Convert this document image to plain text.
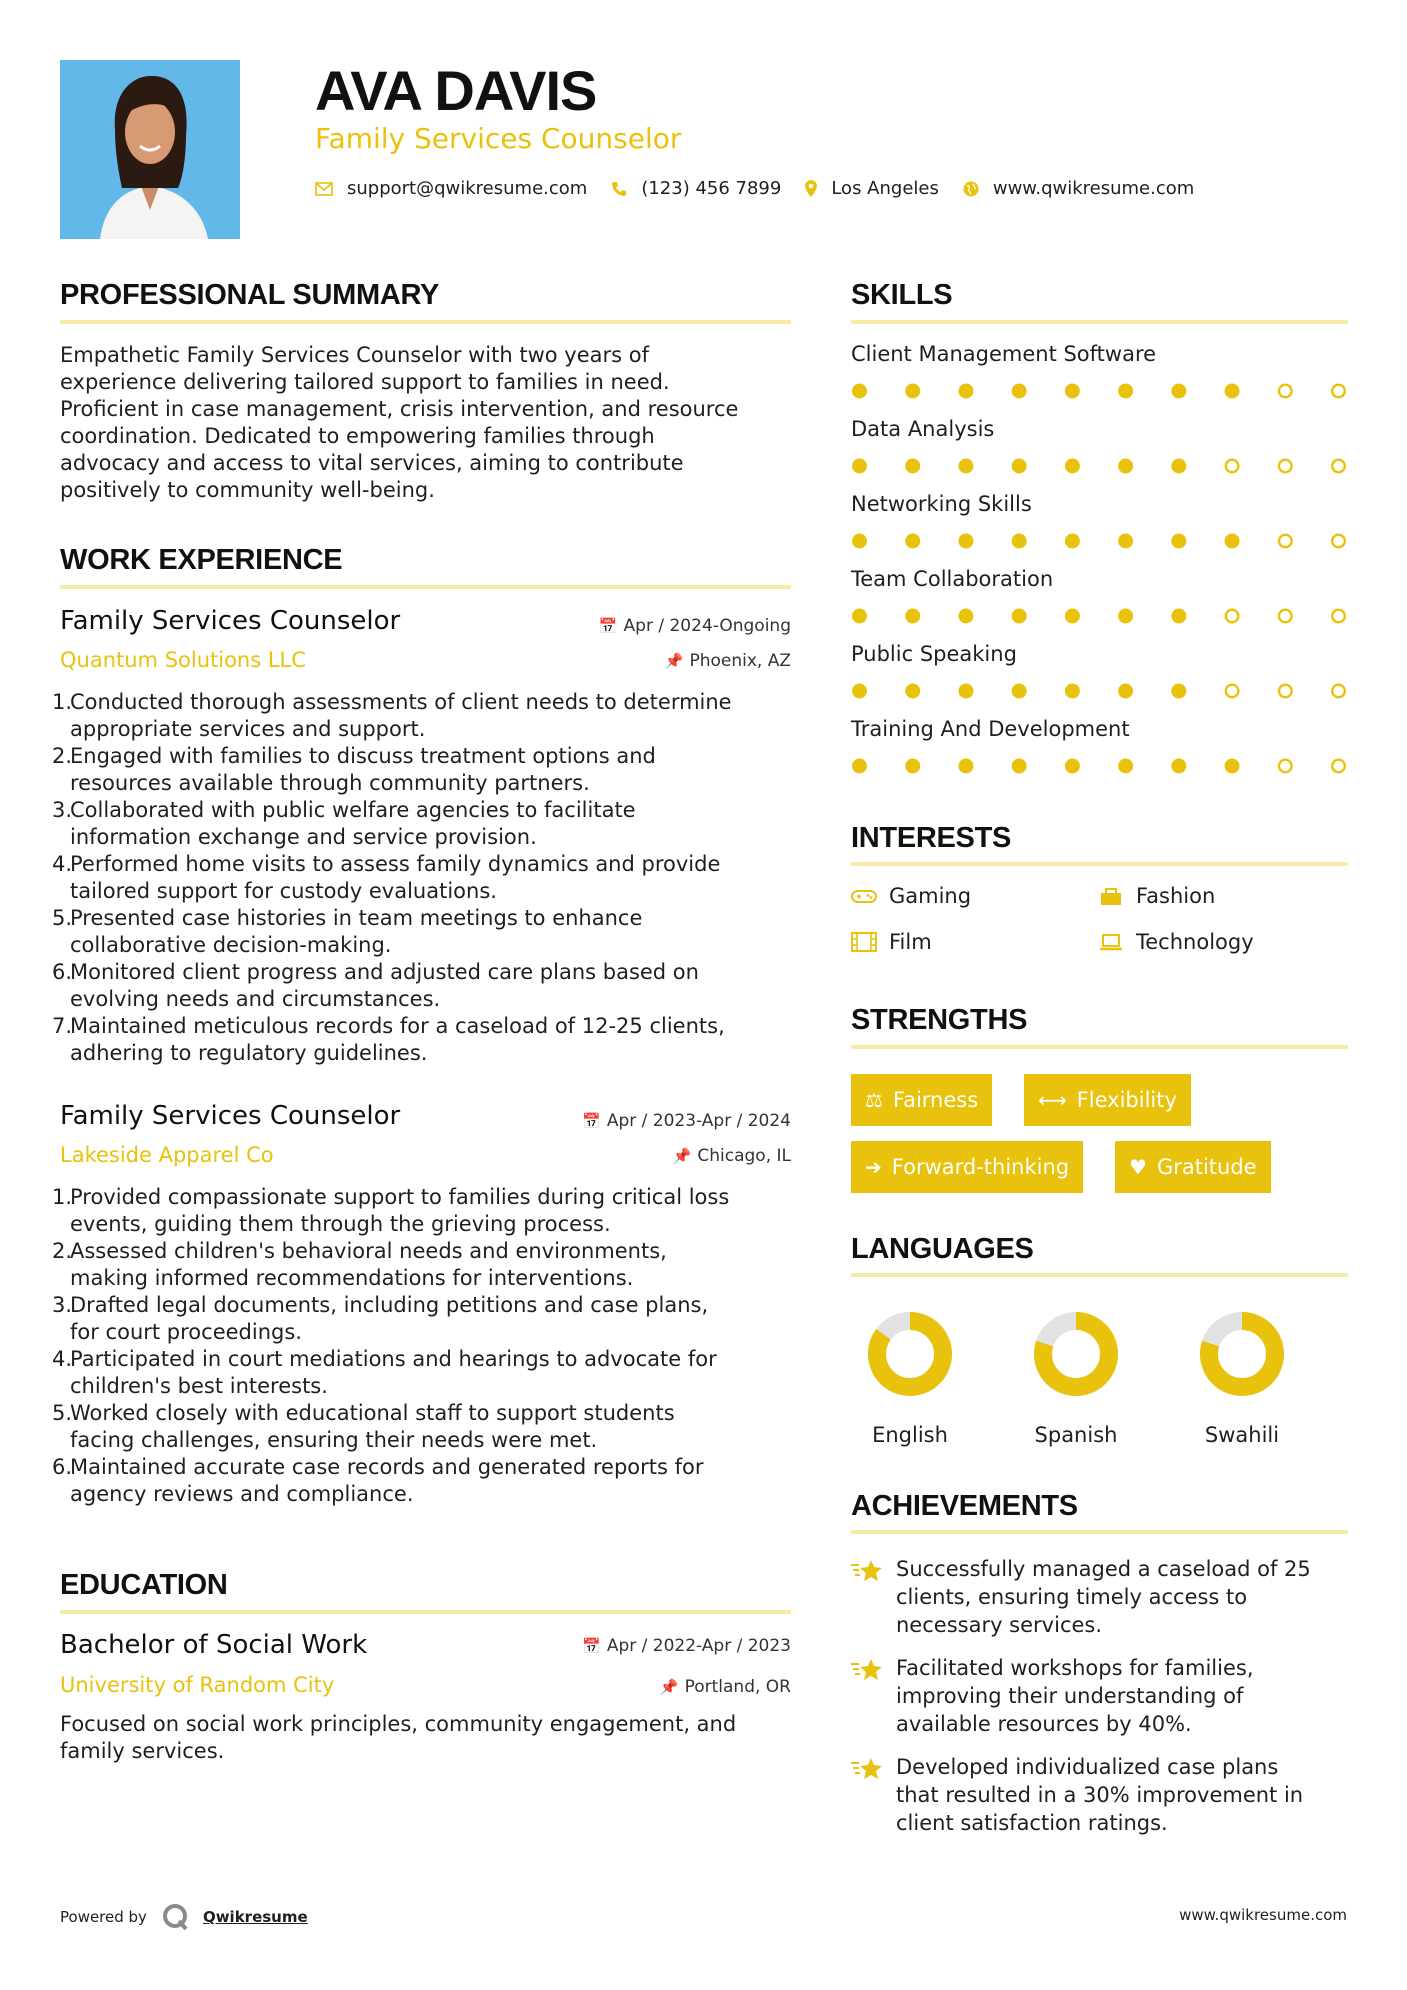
AVA DAVIS
Family Services Counselor
support@qwikresume.com	(123) 456 7899	Los Angeles	www.qwikresume.com
PROFESSIONAL SUMMARY
Empathetic Family Services Counselor with two years of
experience delivering tailored support to families in need.
Proficient in case management, crisis intervention, and resource
coordination. Dedicated to empowering families through
advocacy and access to vital services, aiming to contribute
positively to community well-being.
WORK EXPERIENCE
Family Services Counselor	📅 Apr / 2024-Ongoing
Quantum Solutions LLC	📌 Phoenix, AZ
1.
Conducted thorough assessments of client needs to determine
appropriate services and support.
2.
Engaged with families to discuss treatment options and
resources available through community partners.
3.
Collaborated with public welfare agencies to facilitate
information exchange and service provision.
4.
Performed home visits to assess family dynamics and provide
tailored support for custody evaluations.
5.
Presented case histories in team meetings to enhance
collaborative decision-making.
6.
Monitored client progress and adjusted care plans based on
evolving needs and circumstances.
7.
Maintained meticulous records for a caseload of 12-25 clients,
adhering to regulatory guidelines.
Family Services Counselor	📅 Apr / 2023-Apr / 2024
Lakeside Apparel Co	📌 Chicago, IL
1.
Provided compassionate support to families during critical loss
events, guiding them through the grieving process.
2.
Assessed children's behavioral needs and environments,
making informed recommendations for interventions.
3.
Drafted legal documents, including petitions and case plans,
for court proceedings.
4.
Participated in court mediations and hearings to advocate for
children's best interests.
5.
Worked closely with educational staff to support students
facing challenges, ensuring their needs were met.
6.
Maintained accurate case records and generated reports for
agency reviews and compliance.
EDUCATION
Bachelor of Social Work	📅 Apr / 2022-Apr / 2023
University of Random City	📌 Portland, OR
Focused on social work principles, community engagement, and
family services.
SKILLS
Client Management Software
Data Analysis
Networking Skills
Team Collaboration
Public Speaking
Training And Development
INTERESTS
Gaming	Fashion
Film	Technology
STRENGTHS
⚖ Fairness	⟷ Flexibility
➔ Forward-thinking	♥ Gratitude
LANGUAGES
English	Spanish	Swahili
ACHIEVEMENTS
Successfully managed a caseload of 25
clients, ensuring timely access to
necessary services.
Facilitated workshops for families,
improving their understanding of
available resources by 40%.
Developed individualized case plans
that resulted in a 30% improvement in
client satisfaction ratings.
Powered by	Qwikresume	www.qwikresume.com
